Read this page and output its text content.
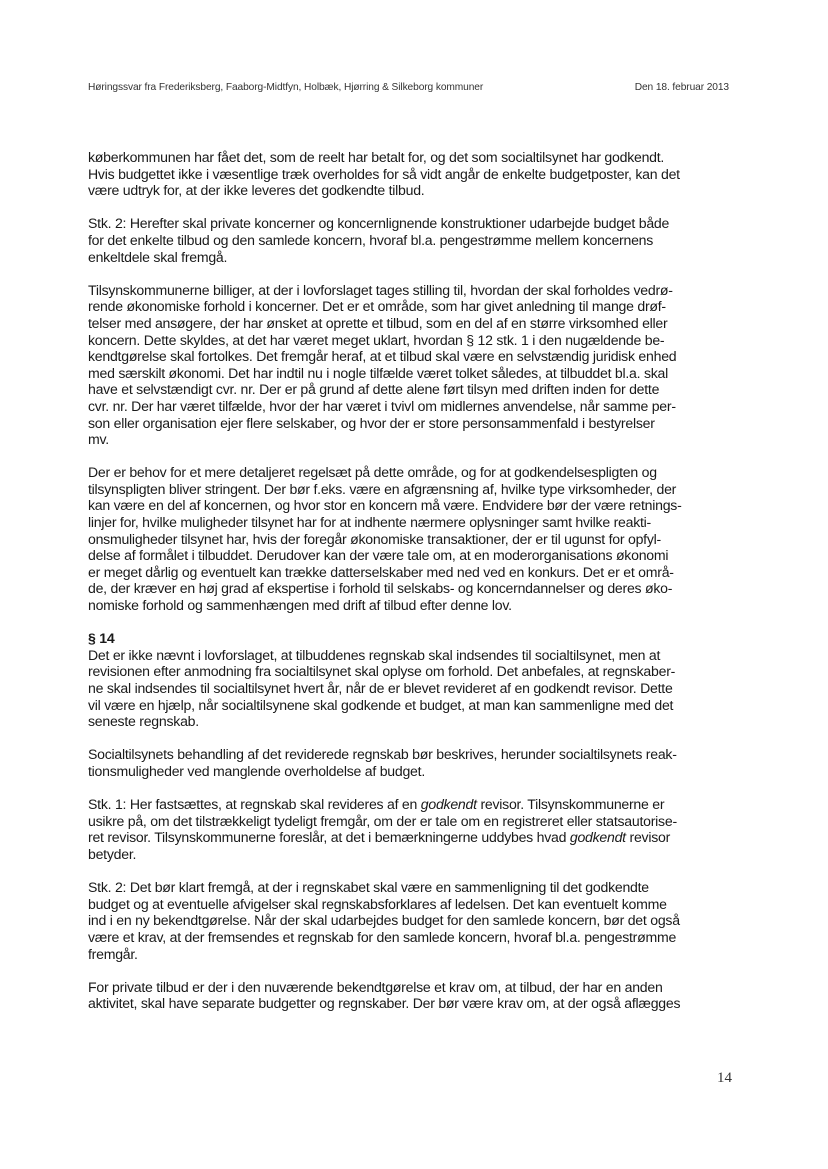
Høringssvar fra Frederiksberg, Faaborg-Midtfyn, Holbæk, Hjørring & Silkeborg kommuner	Den 18. februar 2013
køberkommunen har fået det, som de reelt har betalt for, og det som socialtilsynet har godkendt.
Hvis budgettet ikke i væsentlige træk overholdes for så vidt angår de enkelte budgetposter, kan det
være udtryk for, at der ikke leveres det godkendte tilbud.
Stk. 2: Herefter skal private koncerner og koncernlignende konstruktioner udarbejde budget både
for det enkelte tilbud og den samlede koncern, hvoraf bl.a. pengestrømme mellem koncernens
enkeltdele skal fremgå.
Tilsynskommunerne billiger, at der i lovforslaget tages stilling til, hvordan der skal forholdes vedrø-
rende økonomiske forhold i koncerner. Det er et område, som har givet anledning til mange drøf-
telser med ansøgere, der har ønsket at oprette et tilbud, som en del af en større virksomhed eller
koncern. Dette skyldes, at det har været meget uklart, hvordan § 12 stk. 1 i den nugældende be-
kendtgørelse skal fortolkes. Det fremgår heraf, at et tilbud skal være en selvstændig juridisk enhed
med særskilt økonomi. Det har indtil nu i nogle tilfælde været tolket således, at tilbuddet bl.a. skal
have et selvstændigt cvr. nr. Der er på grund af dette alene ført tilsyn med driften inden for dette
cvr. nr. Der har været tilfælde, hvor der har været i tvivl om midlernes anvendelse, når samme per-
son eller organisation ejer flere selskaber, og hvor der er store personsammenfald i bestyrelser
mv.
Der er behov for et mere detaljeret regelsæt på dette område, og for at godkendelsespligten og
tilsynspligten bliver stringent. Der bør f.eks. være en afgrænsning af, hvilke type virksomheder, der
kan være en del af koncernen, og hvor stor en koncern må være. Endvidere bør der være retnings-
linjer for, hvilke muligheder tilsynet har for at indhente nærmere oplysninger samt hvilke reakti-
onsmuligheder tilsynet har, hvis der foregår økonomiske transaktioner, der er til ugunst for opfyl-
delse af formålet i tilbuddet. Derudover kan der være tale om, at en moderorganisations økonomi
er meget dårlig og eventuelt kan trække datterselskaber med ned ved en konkurs. Det er et områ-
de, der kræver en høj grad af ekspertise i forhold til selskabs- og koncerndannelser og deres øko-
nomiske forhold og sammenhængen med drift af tilbud efter denne lov.
§ 14
Det er ikke nævnt i lovforslaget, at tilbuddenes regnskab skal indsendes til socialtilsynet, men at
revisionen efter anmodning fra socialtilsynet skal oplyse om forhold. Det anbefales, at regnskaber-
ne skal indsendes til socialtilsynet hvert år, når de er blevet revideret af en godkendt revisor. Dette
vil være en hjælp, når socialtilsynene skal godkende et budget, at man kan sammenligne med det
seneste regnskab.
Socialtilsynets behandling af det reviderede regnskab bør beskrives, herunder socialtilsynets reak-
tionsmuligheder ved manglende overholdelse af budget.
Stk. 1: Her fastsættes, at regnskab skal revideres af en godkendt revisor. Tilsynskommunerne er
usikre på, om det tilstrækkeligt tydeligt fremgår, om der er tale om en registreret eller statsautorise-
ret revisor. Tilsynskommunerne foreslår, at det i bemærkningerne uddybes hvad godkendt revisor
betyder.
Stk. 2: Det bør klart fremgå, at der i regnskabet skal være en sammenligning til det godkendte
budget og at eventuelle afvigelser skal regnskabsforklares af ledelsen. Det kan eventuelt komme
ind i en ny bekendtgørelse. Når der skal udarbejdes budget for den samlede koncern, bør det også
være et krav, at der fremsendes et regnskab for den samlede koncern, hvoraf bl.a. pengestrømme
fremgår.
For private tilbud er der i den nuværende bekendtgørelse et krav om, at tilbud, der har en anden
aktivitet, skal have separate budgetter og regnskaber. Der bør være krav om, at der også aflægges
14
